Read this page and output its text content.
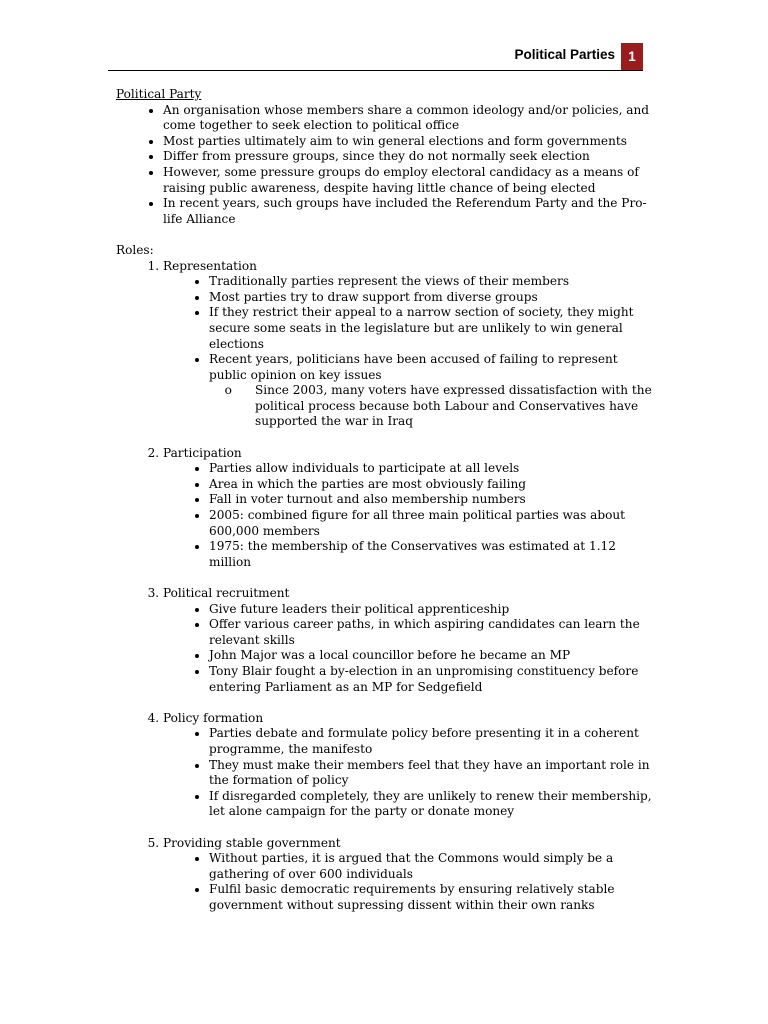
Political Parties 1
Political Party
• An organisation whose members share a common ideology and/or policies, and come together to seek election to political office
• Most parties ultimately aim to win general elections and form governments
• Differ from pressure groups, since they do not normally seek election
• However, some pressure groups do employ electoral candidacy as a means of raising public awareness, despite having little chance of being elected
• In recent years, such groups have included the Referendum Party and the Pro-life Alliance
Roles:
1. Representation
• Traditionally parties represent the views of their members
• Most parties try to draw support from diverse groups
• If they restrict their appeal to a narrow section of society, they might secure some seats in the legislature but are unlikely to win general elections
• Recent years, politicians have been accused of failing to represent public opinion on key issues
o Since 2003, many voters have expressed dissatisfaction with the political process because both Labour and Conservatives have supported the war in Iraq
2. Participation
• Parties allow individuals to participate at all levels
• Area in which the parties are most obviously failing
• Fall in voter turnout and also membership numbers
• 2005: combined figure for all three main political parties was about 600,000 members
• 1975: the membership of the Conservatives was estimated at 1.12 million
3. Political recruitment
• Give future leaders their political apprenticeship
• Offer various career paths, in which aspiring candidates can learn the relevant skills
• John Major was a local councillor before he became an MP
• Tony Blair fought a by-election in an unpromising constituency before entering Parliament as an MP for Sedgefield
4. Policy formation
• Parties debate and formulate policy before presenting it in a coherent programme, the manifesto
• They must make their members feel that they have an important role in the formation of policy
• If disregarded completely, they are unlikely to renew their membership, let alone campaign for the party or donate money
5. Providing stable government
• Without parties, it is argued that the Commons would simply be a gathering of over 600 individuals
• Fulfil basic democratic requirements by ensuring relatively stable government without supressing dissent within their own ranks
